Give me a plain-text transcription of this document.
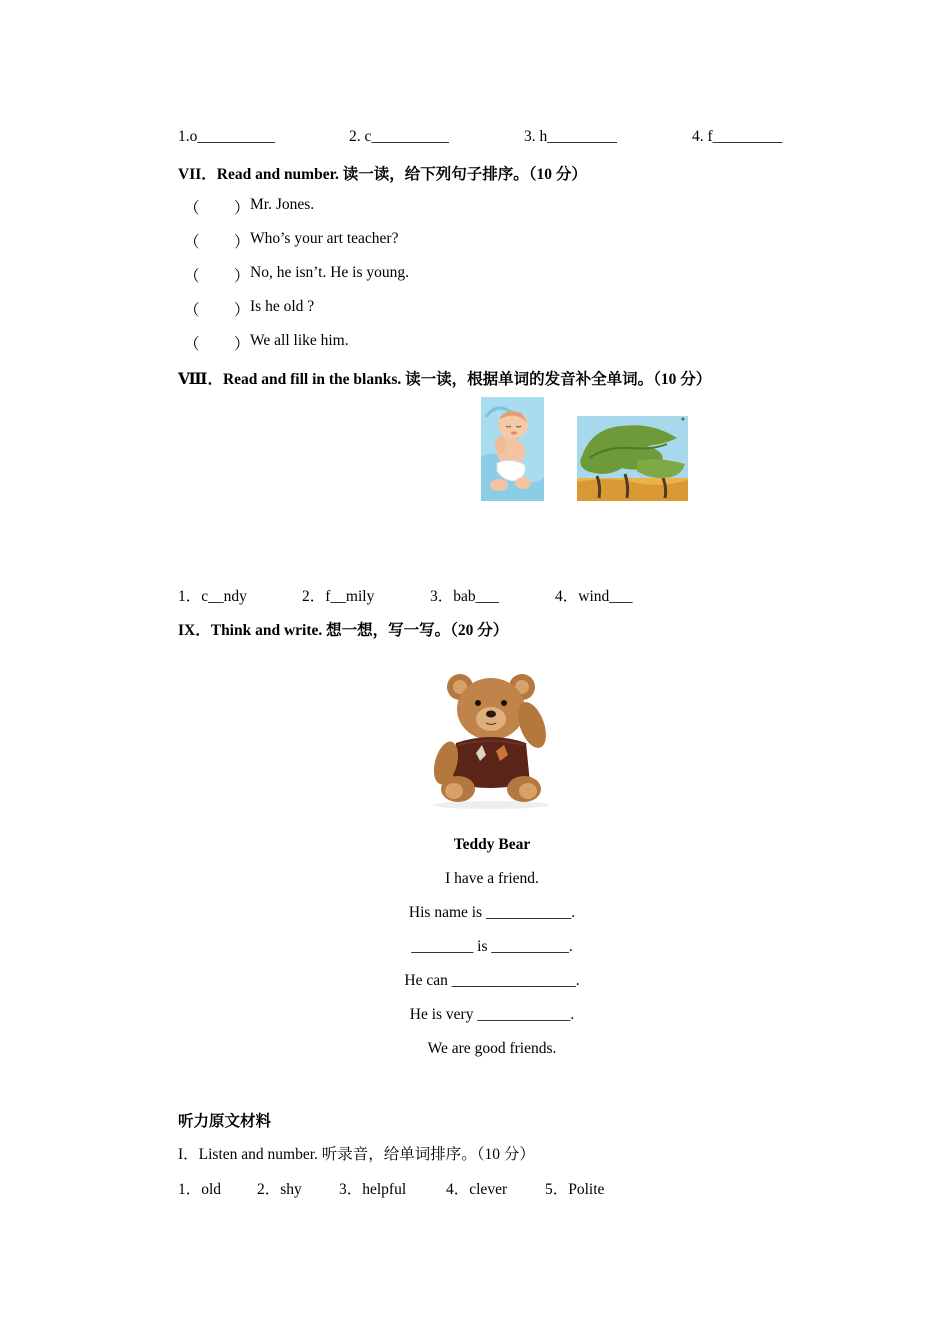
1.o__________	2. c__________	3. h_________	4. f_________
VII．Read and number. 读一读，给下列句子排序。（10 分）
（ ） Mr. Jones.
（ ） Who’s your art teacher?
（ ） No, he isn’t. He is young.
（ ） Is he old ?
（ ） We all like him.
Ⅷ．Read and fill in the blanks. 读一读，根据单词的发音补全单词。（10 分）
1．c__ndy	2．f__mily	3．bab___	4．wind___
IX．Think and write. 想一想，写一写。（20 分）
Teddy Bear
I have a friend.
His name is ___________.
________ is __________.
He can ________________.
He is very ____________.
We are good friends.
听力原文材料
I．Listen and number. 听录音，给单词排序。（10 分）
1．old 2．shy 3．helpful	4．clever 5．Polite
